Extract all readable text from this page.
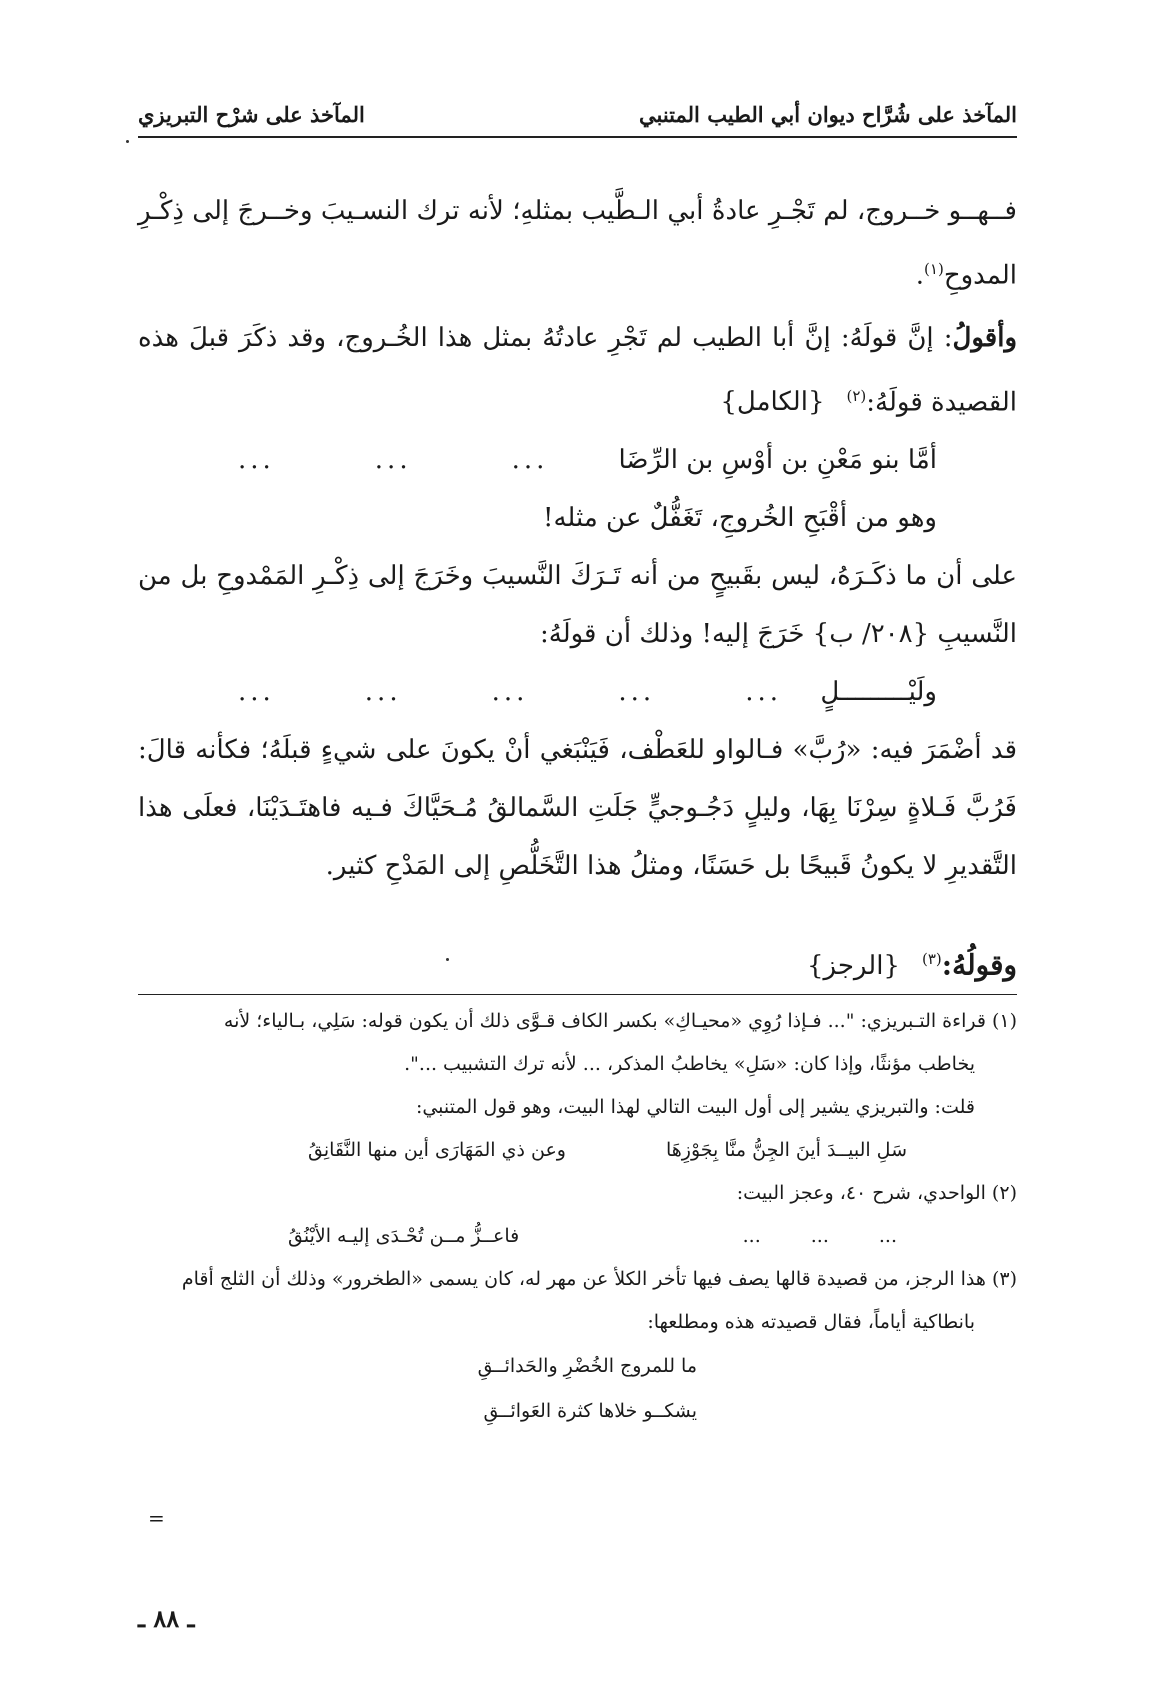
المآخذ على شُرَّاح ديوان أبي الطيب المتنبي
المآخذ على شرْح التبريزي

فــهــو خــروج، لم تَجْـرِ عادةُ أبي الـطَّيب بمثلهِ؛ لأنه ترك النسـيبَ وخــرجَ إلى ذِكْـرِ المدوحِ$^{(١)}$.

وأقولُ: إنَّ قولَهُ: إنَّ أبا الطيب لم تَجْرِ عادتُهُ بمثل هذا الخُـروج، وقد ذكَرَ قبلَ هذه القصيدة قولَهُ:$^{(٢)}${الكامل}

أمَّا بنو مَعْنِ بن أوْسِ بن الرِّضَا
...
...
...

وهو من أقْبَحِ الخُروجِ، تَغَفُّلٌ عن مثله!

على أن ما ذكَـرَهُ، ليس بقَبيحٍ من أنه تَـرَكَ النَّسيبَ وخَرَجَ إلى ذِكْـرِ المَمْدوحِ بل من النَّسيبِ {٢٠٨/ ب} خَرَجَ إليه! وذلك أن قولَهُ:

ولَيْـــــــــلٍ
...
...
...
...
...

قد أضْمَرَ فيه: «رُبَّ» فـالواو للعَطْف، فَيَنْبَغي أنْ يكونَ على شيءٍ قبلَهُ؛ فكأنه قالَ: فَرُبَّ فَـلاةٍ سِرْنَا بِهَا، وليلٍ دَجُـوجيٍّ جَلَتِ السَّمالقُ مُـحَيَّاكَ فـيه فاهتَـدَيْنَا، فعلَى هذا التَّقديرِ لا يكونُ قَبيحًا بل حَسَنًا، ومثلُ هذا التَّخَلُّصِ إلى المَدْحِ كثير.

وقولُهُ:$^{(٣)}${الرجز}

(١) قراءة التـبريزي: "... فـإذا رُوِي «محيـاكِ» بكسر الكاف قـوَّى ذلك أن يكون قوله: سَلِي، بـالياء؛ لأنه

يخاطب مؤنثًا، وإذا كان: «سَلِ» يخاطبُ المذكر، ... لأنه ترك التشبيب ...".

قلت: والتبريزي يشير إلى أول البيت التالي لهذا البيت، وهو قول المتنبي:

سَلِ البيــدَ أينَ الجِنُّ منَّا بِجَوْزِهَا
وعن ذي المَهَارَى أين منها النَّقَانِقُ

(٢) الواحدي، شرح ٤٠، وعجز البيت:

...
...
...
فاعــزُّ مــن تُحْـدَى إليـه الأيْنُقُ

(٣) هذا الرجز، من قصيدة قالها يصف فيها تأخر الكلأ عن مهر له، كان يسمى «الطخرور» وذلك أن الثلج أقام

بانطاكية أياماً، فقال قصيدته هذه ومطلعها:

ما للمروج الخُضْرِ والحَدائــقِ
يشكــو خلاها كثرة العَوائــقِ
=
ـ ٨٨ ـ
